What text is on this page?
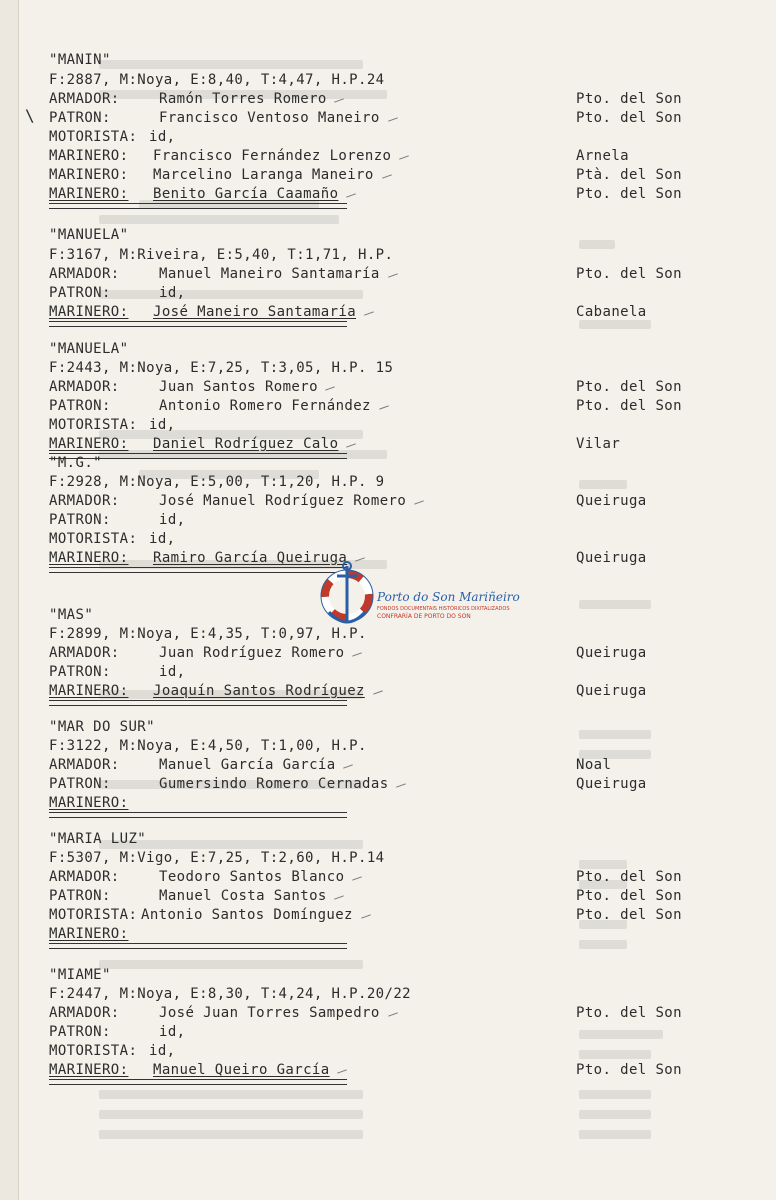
"MANIN"
F:2887, M:Noya, E:8,40, T:4,47, H.P.24
ARMADOR:	Ramón Torres Romero	Pto. del Son
PATRON:	Francisco Ventoso Maneiro	Pto. del Son
MOTORISTA: id,
MARINERO: Francisco Fernández Lorenzo	Arnela
MARINERO: Marcelino Laranga Maneiro	Ptà. del Son
MARINERO: Benito García Caamaño	Pto. del Son
"MANUELA"
F:3167, M:Riveira, E:5,40, T:1,71, H.P.
ARMADOR:	Manuel Maneiro Santamaría	Pto. del Son
PATRON:	id,
MARINERO: José Maneiro Santamaría	Cabanela
"MANUELA"
F:2443, M:Noya, E:7,25, T:3,05, H.P. 15
ARMADOR:	Juan Santos Romero	Pto. del Son
PATRON:	Antonio Romero Fernández	Pto. del Son
MOTORISTA: id,
MARINERO: Daniel Rodríguez Calo	Vilar
"M.G."
F:2928, M:Noya, E:5,00, T:1,20, H.P. 9
ARMADOR:	José Manuel Rodríguez Romero	Queiruga
PATRON:	id,
MOTORISTA: id,
MARINERO: Ramiro García Queiruga	Queiruga
"MAS"
F:2899, M:Noya, E:4,35, T:0,97, H.P.
ARMADOR:	Juan Rodríguez Romero	Queiruga
PATRON:	id,
MARINERO: Joaquín Santos Rodríguez	Queiruga
"MAR DO SUR"
F:3122, M:Noya, E:4,50, T:1,00, H.P.
ARMADOR:	Manuel García García	Noal
PATRON:	Gumersindo Romero Cernadas	Queiruga
MARINERO:
"MARIA LUZ"
F:5307, M:Vigo, E:7,25, T:2,60, H.P.14
ARMADOR:	Teodoro Santos Blanco	Pto. del Son
PATRON:	Manuel Costa Santos	Pto. del Son
MOTORISTA: Antonio Santos Domínguez	Pto. del Son
MARINERO:
"MIAME"
F:2447, M:Noya, E:8,30, T:4,24, H.P.20/22
ARMADOR:	José Juan Torres Sampedro	Pto. del Son
PATRON:	id,
MOTORISTA: id,
MARINERO: Manuel Queiro García	Pto. del Son
Porto do Son Mariñeiro
FONDOS DOCUMENTAIS HISTÓRICOS DIXITALIZADOS
CONFRARÍA DE PORTO DO SON
\
